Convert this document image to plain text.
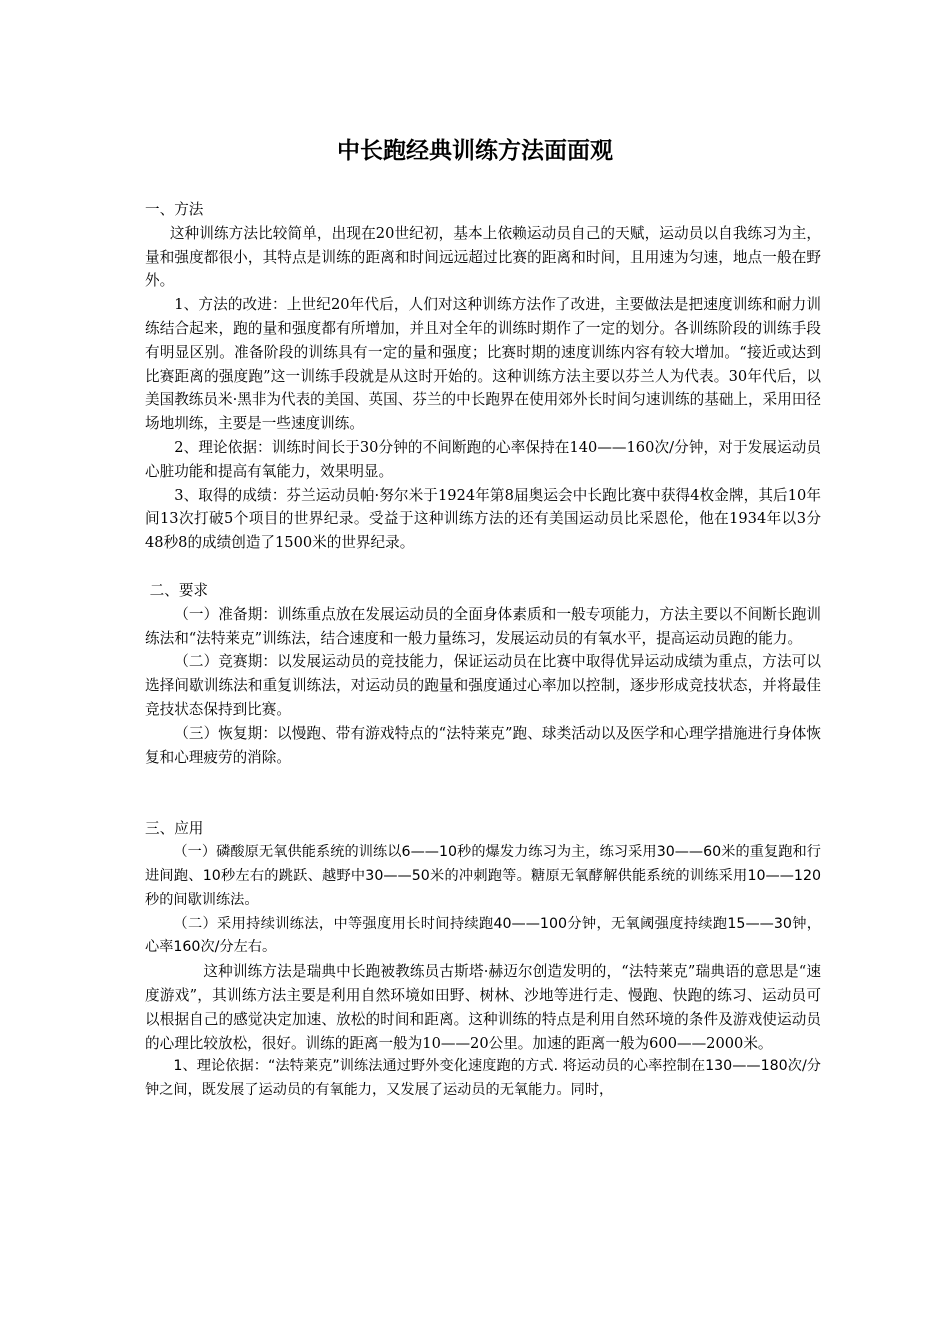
中长跑经典训练方法面面观

一、方法

这种训练方法比较简单，出现在20世纪初，基本上依赖运动员自己的天赋，运动员以自我练习为主，量和强度都很小，其特点是训练的距离和时间远远超过比赛的距离和时间，且用速为匀速，地点一般在野外。

1、方法的改进：上世纪20年代后，人们对这种训练方法作了改进，主要做法是把速度训练和耐力训练结合起来，跑的量和强度都有所增加，并且对全年的训练时期作了一定的划分。各训练阶段的训练手段有明显区别。准备阶段的训练具有一定的量和强度；比赛时期的速度训练内容有较大增加。“接近或达到比赛距离的强度跑”这一训练手段就是从这时开始的。这种训练方法主要以芬兰人为代表。30年代后，以美国教练员米·黑非为代表的美国、英国、芬兰的中长跑界在使用郊外长时间匀速训练的基础上，采用田径场地圳练，主要是一些速度训练。

2、理论依据：训练时间长于30分钟的不间断跑的心率保持在140——160次/分钟，对于发展运动员心脏功能和提高有氧能力，效果明显。

3、取得的成绩：芬兰运动员帕·努尔米于1924年第8届奥运会中长跑比赛中获得4枚金牌，其后10年间13次打破5个项目的世界纪录。受益于这种训练方法的还有美国运动员比采恩伦，他在1934年以3分48秒8的成绩创造了1500米的世界纪录。

二、要求

（一）准备期：训练重点放在发展运动员的全面身体素质和一般专项能力，方法主要以不间断长跑训练法和“法特莱克”训练法，结合速度和一般力量练习，发展运动员的有氧水平，提高运动员跑的能力。

（二）竞赛期：以发展运动员的竞技能力，保证运动员在比赛中取得优异运动成绩为重点，方法可以选择间歇训练法和重复训练法，对运动员的跑量和强度通过心率加以控制，逐步形成竞技状态，并将最佳竞技状态保持到比赛。

（三）恢复期：以慢跑、带有游戏特点的“法特莱克”跑、球类活动以及医学和心理学措施进行身体恢复和心理疲劳的消除。

三、应用

（一）磷酸原无氧供能系统的训练以6——10秒的爆发力练习为主，练习采用30——60米的重复跑和行进间跑、10秒左右的跳跃、越野中30——50米的冲刺跑等。糖原无氧酵解供能系统的训练采用10——120秒的间歇训练法。

（二）采用持续训练法，中等强度用长时间持续跑40——100分钟，无氧阈强度持续跑15——30钟，心率160次/分左右。

这种训练方法是瑞典中长跑被教练员古斯塔·赫迈尔创造发明的，“法特莱克”瑞典语的意思是“速度游戏”，其训练方法主要是利用自然环境如田野、树林、沙地等进行走、慢跑、快跑的练习、运动员可以根据自己的感觉决定加速、放松的时间和距离。这种训练的特点是利用自然环境的条件及游戏使运动员的心理比较放松，很好。训练的距离一般为10——20公里。加速的距离一般为600——2000米。

1、理论依据：“法特莱克”训练法通过野外变化速度跑的方式. 将运动员的心率控制在130——180次/分钟之间，既发展了运动员的有氧能力，又发展了运动员的无氧能力。同时，
